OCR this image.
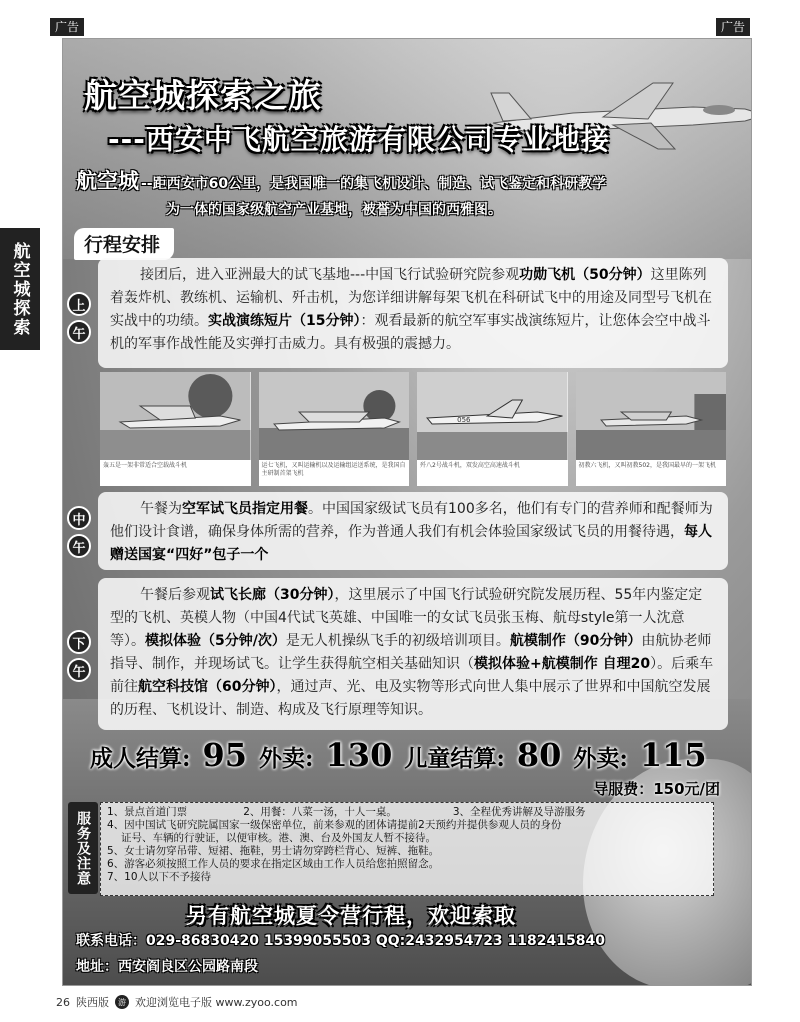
广告	广告
航空城探索
航空城探索之旅
---西安中飞航空旅游有限公司专业地接
航空城 --距西安市60公里，是我国唯一的集飞机设计、制造、试飞鉴定和科研教学
为一体的国家级航空产业基地，被誉为中国的西雅图。
行程安排
上
午

接团后，进入亚洲最大的试飞基地---中国飞行试验研究院参观功勋飞机（50分钟）这里陈列着轰炸机、教练机、运输机、歼击机，为您详细讲解每架飞机在科研试飞中的用途及同型号飞机在实战中的功绩。实战演练短片（15分钟）：观看最新的航空军事实战演练短片，让您体会空中战斗机的军事作战性能及实弹打击威力。具有极强的震撼力。

轰五是一架非常适合空载战斗机	运七飞机，又叫运输机以及运输组运送系统，是我国自主研制首架飞机
056
歼八2号战斗机，双发高空高速战斗机	初教六飞机，又叫初教502，是我国最早的一架飞机
中
午

午餐为空军试飞员指定用餐。中国国家级试飞员有100多名，他们有专门的营养师和配餐师为他们设计食谱，确保身体所需的营养，作为普通人我们有机会体验国家级试飞员的用餐待遇，每人赠送国宴“四好”包子一个

下
午

午餐后参观试飞长廊（30分钟），这里展示了中国飞行试验研究院发展历程、55年内鉴定定型的飞机、英模人物（中国4代试飞英雄、中国唯一的女试飞员张玉梅、航母style第一人沈意等）。模拟体验（5分钟/次）是无人机操纵飞手的初级培训项目。航模制作（90分钟）由航协老师指导、制作，并现场试飞。让学生获得航空相关基础知识（模拟体验+航模制作 自理20）。后乘车前往航空科技馆（60分钟），通过声、光、电及实物等形式向世人集中展示了世界和中国航空发展的历程、飞机设计、制造、构成及飞行原理等知识。

成人结算: 95 外卖: 130 儿童结算: 80 外卖: 115
导服费：150元/团
服务及注意	1、景点首道门票	2、用餐：八菜一汤，十人一桌。	3、全程优秀讲解及导游服务
4、因中国试飞研究院属国家一级保密单位，前来参观的团体请提前2天预约并提供参观人员的身份
证号、车辆的行驶证，以便审核。港、澳、台及外国友人暂不接待。
5、女士请勿穿吊带、短裙、拖鞋，男士请勿穿跨栏背心、短裤、拖鞋。
6、游客必须按照工作人员的要求在指定区域由工作人员给您拍照留念。
7、10人以下不予接待
另有航空城夏令营行程，欢迎索取
联系电话：029-86830420 15399055503 QQ:2432954723 1182415840
地址：西安阎良区公园路南段
26 陕西版	游 欢迎浏览电子版 www.zyoo.com
